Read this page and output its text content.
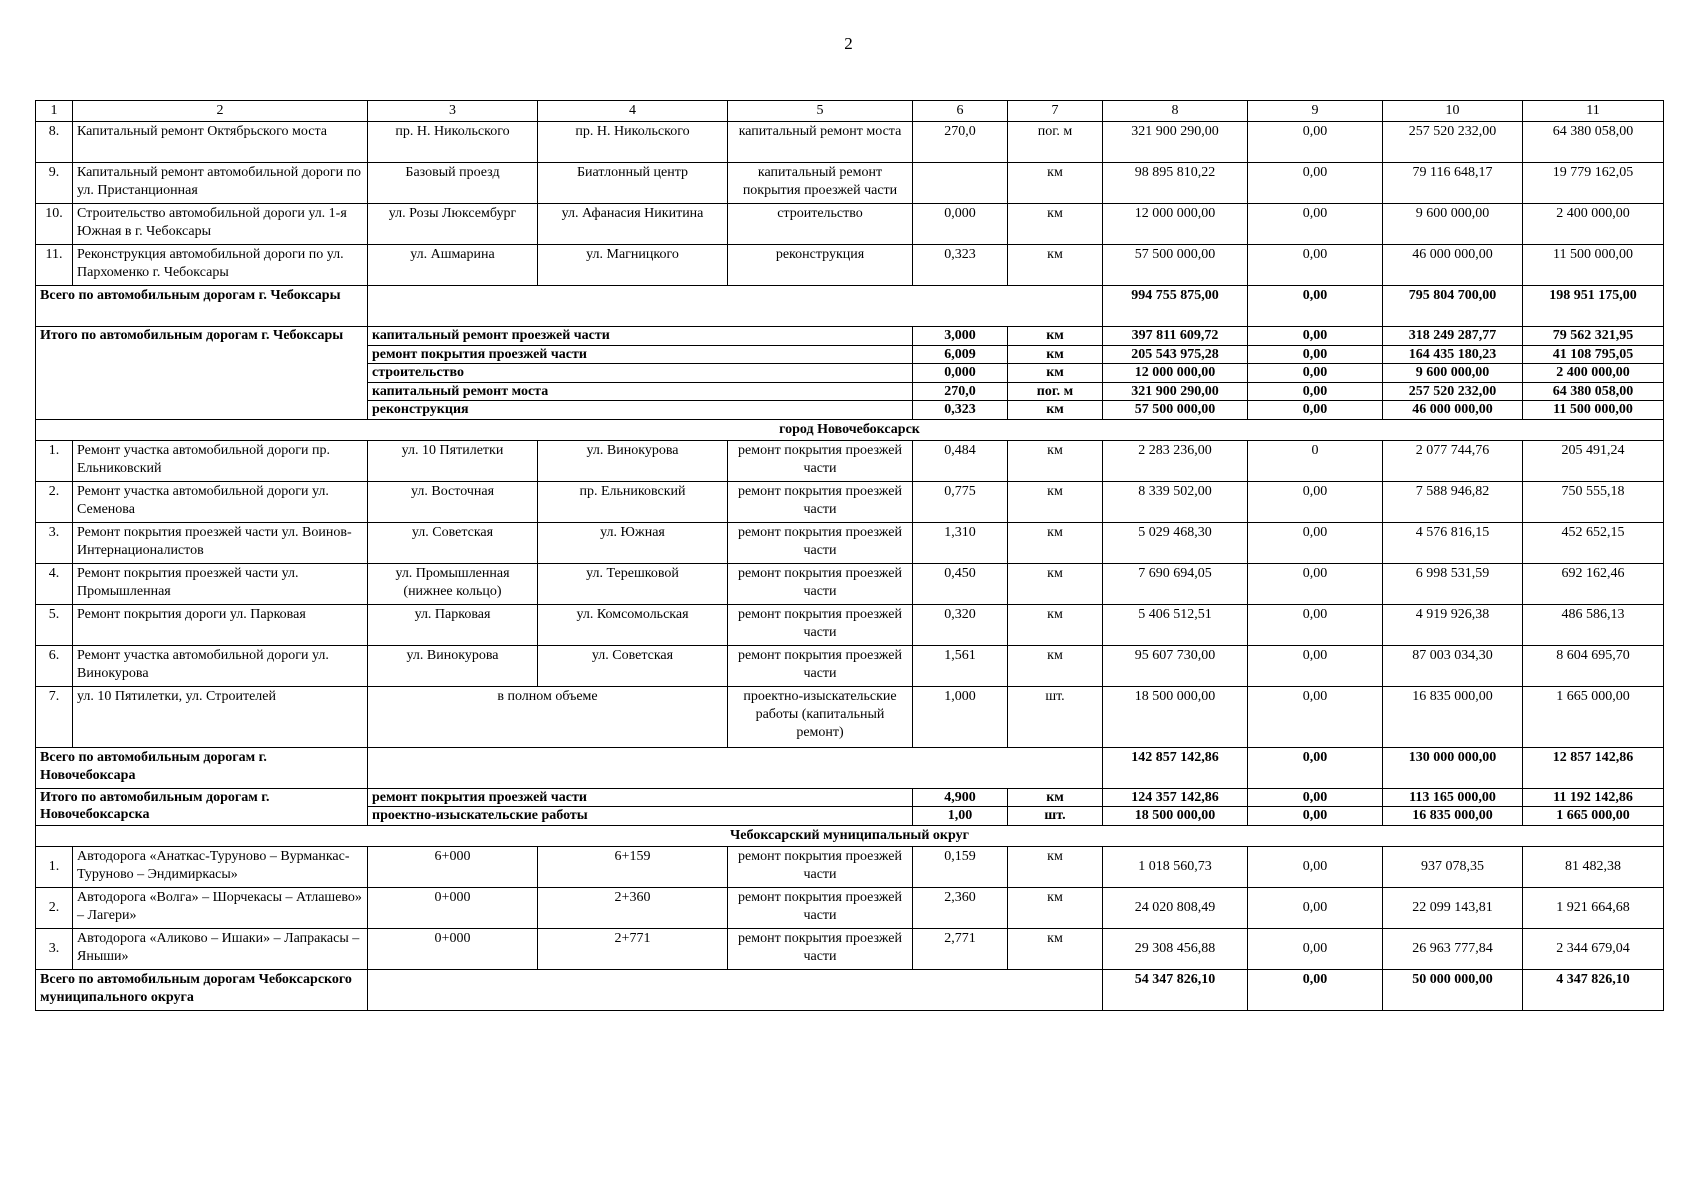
2
1	2	3	4	5	6	7	8	9	10	11
8.	Капитальный ремонт Октябрьского моста	пр. Н. Никольского	пр. Н. Никольского	капитальный ремонт моста	270,0	пог. м	321 900 290,00	0,00	257 520 232,00	64 380 058,00
9.	Капитальный ремонт автомобильной дороги по ул. Пристанционная	Базовый проезд	Биатлонный центр	капитальный ремонт покрытия проезжей части		км	98 895 810,22	0,00	79 116 648,17	19 779 162,05
10.	Строительство автомобильной дороги ул. 1-я Южная в г. Чебоксары	ул. Розы Люксембург	ул. Афанасия Никитина	строительство	0,000	км	12 000 000,00	0,00	9 600 000,00	2 400 000,00
11.	Реконструкция автомобильной дороги по ул. Пархоменко г. Чебоксары	ул. Ашмарина	ул. Магницкого	реконструкция	0,323	км	57 500 000,00	0,00	46 000 000,00	11 500 000,00
Всего по автомобильным дорогам г. Чебоксары							994 755 875,00	0,00	795 804 700,00	198 951 175,00
Итого по автомобильным дорогам г. Чебоксары		капитальный ремонт проезжей части			3,000	км	397 811 609,72	0,00	318 249 287,77	79 562 321,95
		ремонт покрытия проезжей части			6,009	км	205 543 975,28	0,00	164 435 180,23	41 108 795,05
		строительство			0,000	км	12 000 000,00	0,00	9 600 000,00	2 400 000,00
		капитальный ремонт моста			270,0	пог. м	321 900 290,00	0,00	257 520 232,00	64 380 058,00
		реконструкция			0,323	км	57 500 000,00	0,00	46 000 000,00	11 500 000,00
город Новочебоксарск										
1.	Ремонт участка автомобильной дороги пр. Ельниковский	ул. 10 Пятилетки	ул. Винокурова	ремонт покрытия проезжей части	0,484	км	2 283 236,00	0	2 077 744,76	205 491,24
2.	Ремонт участка автомобильной дороги ул. Семенова	ул. Восточная	пр. Ельниковский	ремонт покрытия проезжей части	0,775	км	8 339 502,00	0,00	7 588 946,82	750 555,18
3.	Ремонт покрытия проезжей части ул. Воинов-Интернационалистов	ул. Советская	ул. Южная	ремонт покрытия проезжей части	1,310	км	5 029 468,30	0,00	4 576 816,15	452 652,15
4.	Ремонт покрытия проезжей части ул. Промышленная	ул. Промышленная (нижнее кольцо)	ул. Терешковой	ремонт покрытия проезжей части	0,450	км	7 690 694,05	0,00	6 998 531,59	692 162,46
5.	Ремонт покрытия дороги ул. Парковая	ул. Парковая	ул. Комсомольская	ремонт покрытия проезжей части	0,320	км	5 406 512,51	0,00	4 919 926,38	486 586,13
6.	Ремонт участка автомобильной дороги ул. Винокурова	ул. Винокурова	ул. Советская	ремонт покрытия проезжей части	1,561	км	95 607 730,00	0,00	87 003 034,30	8 604 695,70
7.	ул. 10 Пятилетки, ул. Строителей	в полном объеме		проектно-изыскательские работы (капитальный ремонт)	1,000	шт.	18 500 000,00	0,00	16 835 000,00	1 665 000,00
Всего по автомобильным дорогам г. Новочебоксара							142 857 142,86	0,00	130 000 000,00	12 857 142,86
Итого по автомобильным дорогам г. Новочебоксарска		ремонт покрытия проезжей части			4,900	км	124 357 142,86	0,00	113 165 000,00	11 192 142,86
		проектно-изыскательские работы			1,00	шт.	18 500 000,00	0,00	16 835 000,00	1 665 000,00
Чебоксарский муниципальный округ										
1.	Автодорога «Анаткас-Туруново – Вурманкас-Туруново – Эндимиркасы»	6+000	6+159	ремонт покрытия проезжей части	0,159	км	1 018 560,73	0,00	937 078,35	81 482,38
2.	Автодорога «Волга» – Шорчекасы – Атлашево» – Лагери»	0+000	2+360	ремонт покрытия проезжей части	2,360	км	24 020 808,49	0,00	22 099 143,81	1 921 664,68
3.	Автодорога «Аликово – Ишаки» – Лапракасы – Яныши»	0+000	2+771	ремонт покрытия проезжей части	2,771	км	29 308 456,88	0,00	26 963 777,84	2 344 679,04
Всего по автомобильным дорогам Чебоксарского муниципального округа							54 347 826,10	0,00	50 000 000,00	4 347 826,10
